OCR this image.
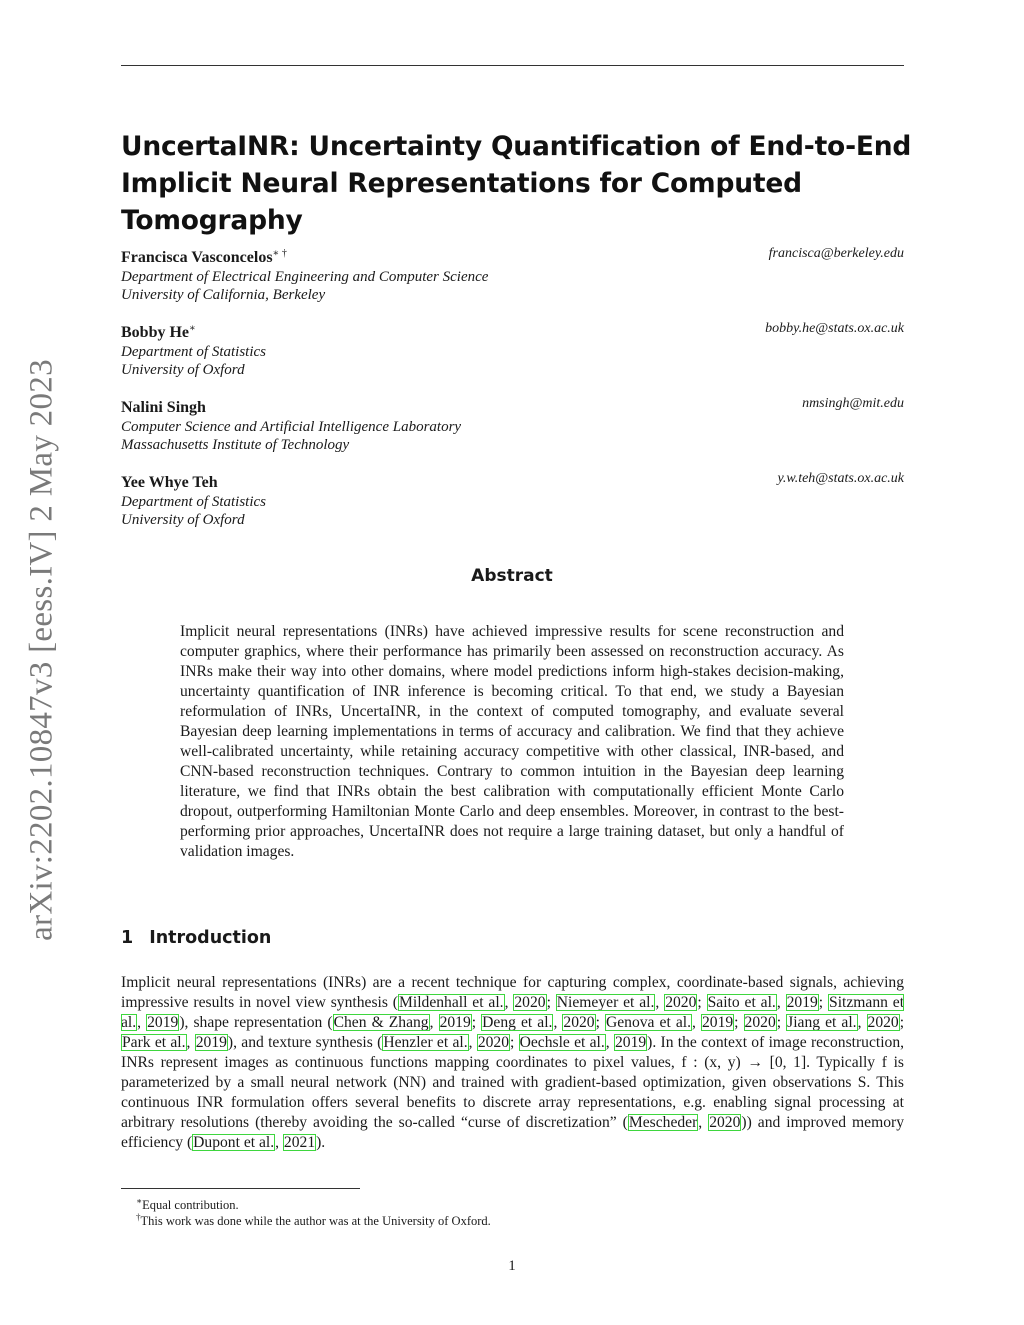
arXiv:2202.10847v3 [eess.IV] 2 May 2023
UncertaINR: Uncertainty Quantification of End-to-End
Implicit Neural Representations for Computed Tomography
Francisca Vasconcelos∗ †
Department of Electrical Engineering and Computer Science
University of California, Berkeley
francisca@berkeley.edu
Bobby He∗
Department of Statistics
University of Oxford
bobby.he@stats.ox.ac.uk
Nalini Singh
Computer Science and Artificial Intelligence Laboratory
Massachusetts Institute of Technology
nmsingh@mit.edu
Yee Whye Teh
Department of Statistics
University of Oxford
y.w.teh@stats.ox.ac.uk
Abstract
Implicit neural representations (INRs) have achieved impressive results for scene reconstruction and computer graphics, where their performance has primarily been assessed on reconstruction accuracy. As INRs make their way into other domains, where model predictions inform high-stakes decision-making, uncertainty quantification of INR inference is becoming critical. To that end, we study a Bayesian reformulation of INRs, UncertaINR, in the context of computed tomography, and evaluate several Bayesian deep learning implementations in terms of accuracy and calibration. We find that they achieve well-calibrated uncertainty, while retaining accuracy competitive with other classical, INR-based, and CNN-based reconstruction techniques. Contrary to common intuition in the Bayesian deep learning literature, we find that INRs obtain the best calibration with computationally efficient Monte Carlo dropout, outperforming Hamiltonian Monte Carlo and deep ensembles. Moreover, in contrast to the best-performing prior approaches, UncertaINR does not require a large training dataset, but only a handful of validation images.
1 Introduction
Implicit neural representations (INRs) are a recent technique for capturing complex, coordinate-based signals, achieving impressive results in novel view synthesis (Mildenhall et al., 2020; Niemeyer et al., 2020; Saito et al., 2019; Sitzmann et al., 2019), shape representation (Chen & Zhang, 2019; Deng et al., 2020; Genova et al., 2019; 2020; Jiang et al., 2020; Park et al., 2019), and texture synthesis (Henzler et al., 2020; Oechsle et al., 2019). In the context of image reconstruction, INRs represent images as continuous functions mapping coordinates to pixel values, f : (x, y) → [0, 1]. Typically f is parameterized by a small neural network (NN) and trained with gradient-based optimization, given observations S. This continuous INR formulation offers several benefits to discrete array representations, e.g. enabling signal processing at arbitrary resolutions (thereby avoiding the so-called “curse of discretization” (Mescheder, 2020)) and improved memory efficiency (Dupont et al., 2021).
∗Equal contribution.
†This work was done while the author was at the University of Oxford.
1
